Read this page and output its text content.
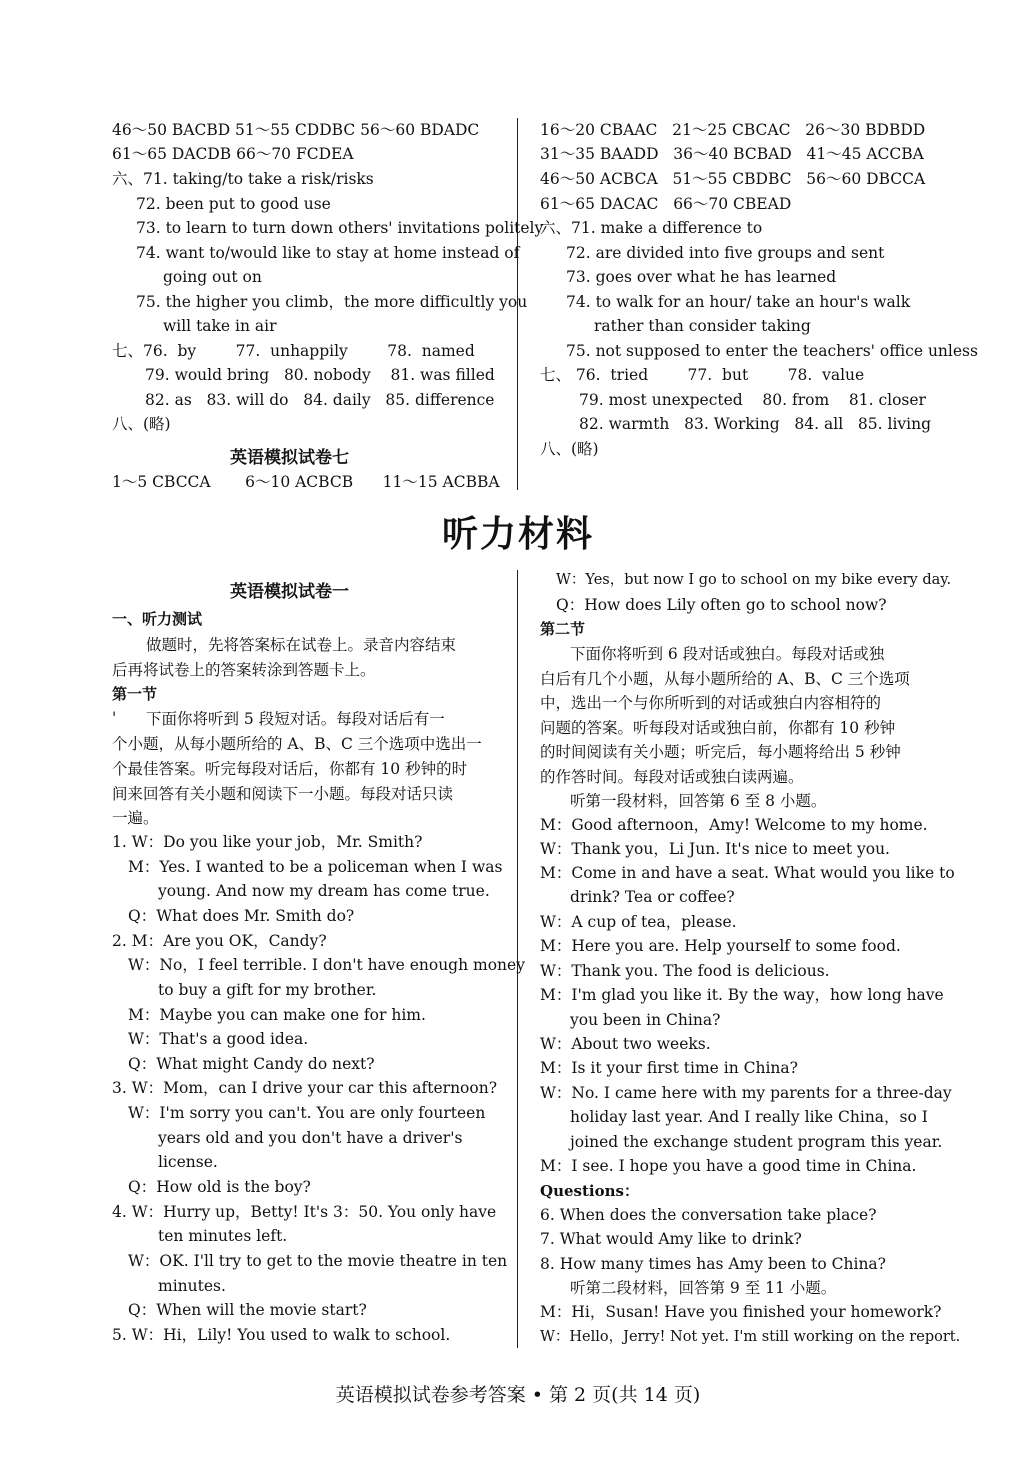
46～50 BACBD 51～55 CDDBC 56～60 BDADC
61～65 DACDB 66～70 FCDEA
六、71. taking/to take a risk/risks
72. been put to good use
73. to learn to turn down others' invitations politely
74. want to/would like to stay at home instead of
going out on
75. the higher you climb，the more difficultly you
will take in air
七、76.  by        77.  unhappily        78.  named
79. would bring   80. nobody    81. was filled
82. as   83. will do   84. daily   85. difference
八、(略)
英语模拟试卷七
1～5 CBCCA       6～10 ACBCB      11～15 ACBBA
16～20 CBAAC   21～25 CBCAC   26～30 BDBDD
31～35 BAADD   36～40 BCBAD   41～45 ACCBA
46～50 ACBCA   51～55 CBDBC   56～60 DBCCA
61～65 DACAC   66～70 CBEAD
六、71. make a difference to
72. are divided into five groups and sent
73. goes over what he has learned
74. to walk for an hour/ take an hour's walk
rather than consider taking
75. not supposed to enter the teachers' office unless
七、 76.  tried        77.  but        78.  value
79. most unexpected    80. from    81. closer
82. warmth   83. Working   84. all   85. living
八、(略)
听力材料
英语模拟试卷一
一、听力测试
做题时，先将答案标在试卷上。录音内容结束
后再将试卷上的答案转涂到答题卡上。
第一节
' 下面你将听到 5 段短对话。每段对话后有一
个小题，从每小题所给的 A、B、C 三个选项中选出一
个最佳答案。听完每段对话后，你都有 10 秒钟的时
间来回答有关小题和阅读下一小题。每段对话只读
一遍。
1. W：Do you like your job，Mr. Smith?
M：Yes. I wanted to be a policeman when I was
young. And now my dream has come true.
Q：What does Mr. Smith do?
2. M：Are you OK，Candy?
W：No，I feel terrible. I don't have enough money
to buy a gift for my brother.
M：Maybe you can make one for him.
W：That's a good idea.
Q：What might Candy do next?
3. W：Mom，can I drive your car this afternoon?
W：I'm sorry you can't. You are only fourteen
years old and you don't have a driver's
license.
Q：How old is the boy?
4. W：Hurry up，Betty! It's 3：50. You only have
ten minutes left.
W：OK. I'll try to get to the movie theatre in ten
minutes.
Q：When will the movie start?
5. W：Hi，Lily! You used to walk to school.
W：Yes，but now I go to school on my bike every day.
Q：How does Lily often go to school now?
第二节
下面你将听到 6 段对话或独白。每段对话或独
白后有几个小题，从每小题所给的 A、B、C 三个选项
中，选出一个与你所听到的对话或独白内容相符的
问题的答案。听每段对话或独白前，你都有 10 秒钟
的时间阅读有关小题；听完后，每小题将给出 5 秒钟
的作答时间。每段对话或独白读两遍。
听第一段材料，回答第 6 至 8 小题。
M：Good afternoon，Amy! Welcome to my home.
W：Thank you，Li Jun. It's nice to meet you.
M：Come in and have a seat. What would you like to
drink? Tea or coffee?
W：A cup of tea，please.
M：Here you are. Help yourself to some food.
W：Thank you. The food is delicious.
M：I'm glad you like it. By the way，how long have
you been in China?
W：About two weeks.
M：Is it your first time in China?
W：No. I came here with my parents for a three-day
holiday last year. And I really like China，so I
joined the exchange student program this year.
M：I see. I hope you have a good time in China.
Questions：
6. When does the conversation take place?
7. What would Amy like to drink?
8. How many times has Amy been to China?
听第二段材料，回答第 9 至 11 小题。
M：Hi，Susan! Have you finished your homework?
W：Hello，Jerry! Not yet. I'm still working on the report.
英语模拟试卷参考答案 • 第 2 页(共 14 页)
